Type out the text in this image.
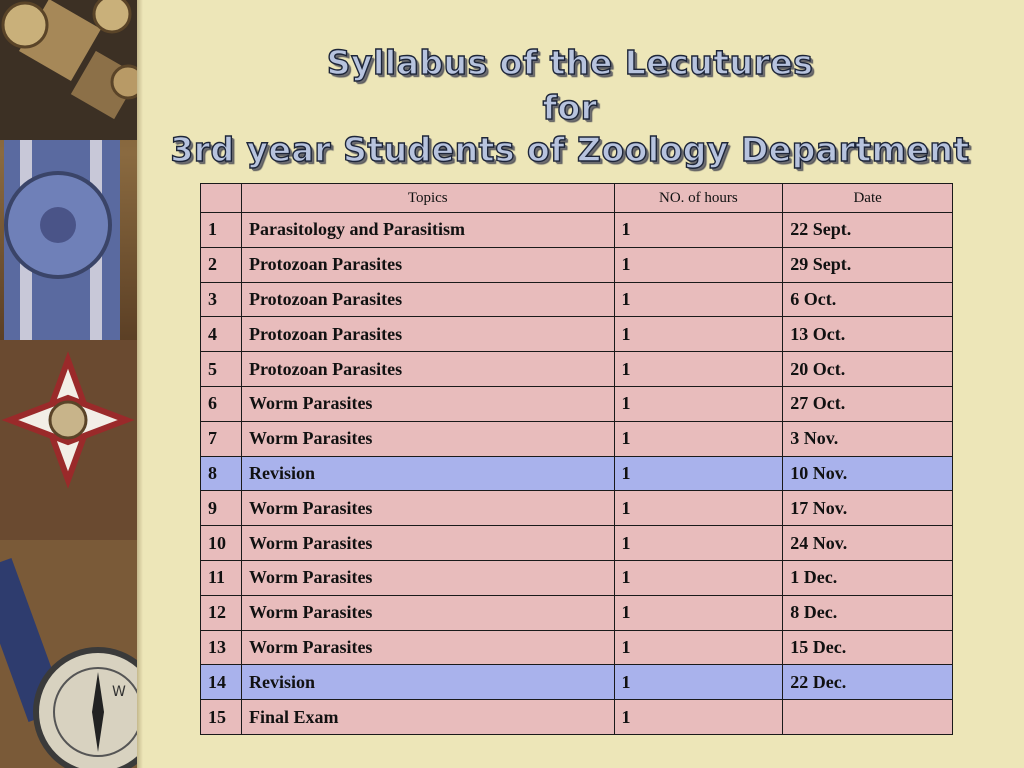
W
Syllabus of the Lecutures
for
3rd year Students of Zoology Department
	Topics	NO. of hours	Date
1	Parasitology and Parasitism	1	22 Sept.
2	Protozoan Parasites	1	29 Sept.
3	Protozoan Parasites	1	6 Oct.
4	Protozoan Parasites	1	13 Oct.
5	Protozoan Parasites	1	20 Oct.
6	Worm Parasites	1	27 Oct.
7	Worm Parasites	1	3 Nov.
8	Revision	1	10 Nov.
9	Worm Parasites	1	17 Nov.
10	Worm Parasites	1	24 Nov.
11	Worm Parasites	1	1 Dec.
12	Worm Parasites	1	8 Dec.
13	Worm Parasites	1	15 Dec.
14	Revision	1	22 Dec.
15	Final Exam	1	
